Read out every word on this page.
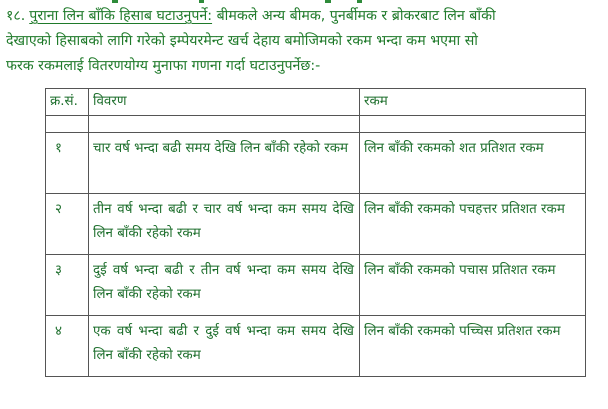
१८. पुराना लिन बाँकि हिसाब घटाउनुपर्ने: बीमकले अन्य बीमक, पुनर्बीमक र ब्रोकरबाट लिन बाँकी
देखाएको हिसाबको लागि गरेको इम्पेयरमेन्ट खर्च देहाय बमोजिमको रकम भन्दा कम भएमा सो
फरक रकमलाई वितरणयोग्य मुनाफा गणना गर्दा घटाउनुपर्नेछ:-
क्र.सं.	विवरण	रकम

१	चार वर्ष भन्दा बढी समय देखि लिन बाँकी रहेको रकम	लिन बाँकी रकमको शत प्रतिशत रकम
२	तीन वर्ष भन्दा बढी र चार वर्ष भन्दा कम समय देखि लिन बाँकी रहेको रकम	लिन बाँकी रकमको पचहत्तर प्रतिशत रकम
३	दुई वर्ष भन्दा बढी र तीन वर्ष भन्दा कम समय देखि लिन बाँकी रहेको रकम	लिन बाँकी रकमको पचास प्रतिशत रकम
४	एक वर्ष भन्दा बढी र दुई वर्ष भन्दा कम समय देखि लिन बाँकी रहेको रकम	लिन बाँकी रकमको पच्चिस प्रतिशत रकम
